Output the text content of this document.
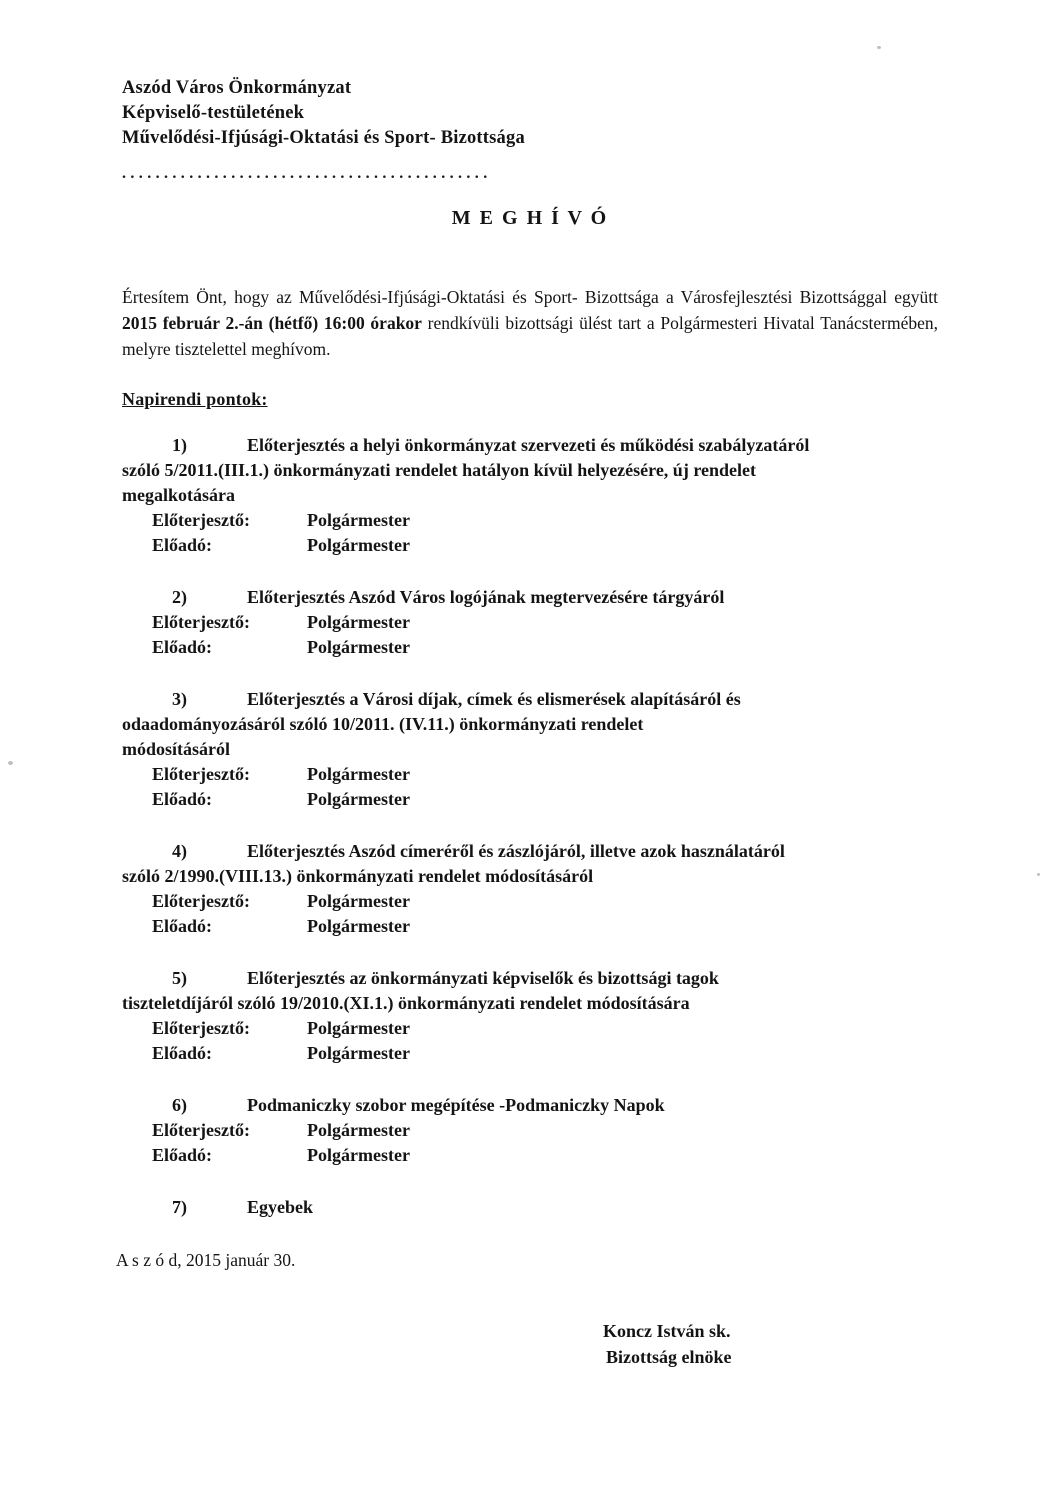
Aszód Város Önkormányzat
Képviselő-testületének
Művelődési-Ifjúsági-Oktatási és Sport- Bizottsága
............................................
M E G H Í V Ó

Értesítem Önt, hogy az Művelődési-Ifjúsági-Oktatási és Sport- Bizottsága a Városfejlesztési Bizottsággal együtt 2015 február 2.-án (hétfő) 16:00 órakor rendkívüli bizottsági ülést tart a Polgármesteri Hivatal Tanácstermében, melyre tisztelettel meghívom.

Napirendi pontok:
1)	Előterjesztés a helyi önkormányzat szervezeti és működési szabályzatáról
szóló 5/2011.(III.1.) önkormányzati rendelet hatályon kívül helyezésére, új rendelet
megalkotására
Előterjesztő:	Polgármester
Előadó:	Polgármester
2)	Előterjesztés Aszód Város logójának megtervezésére tárgyáról
Előterjesztő:	Polgármester
Előadó:	Polgármester
3)	Előterjesztés a Városi díjak, címek és elismerések alapításáról és
odaadományozásáról szóló 10/2011. (IV.11.) önkormányzati rendelet
módosításáról
Előterjesztő:	Polgármester
Előadó:	Polgármester
4)	Előterjesztés Aszód címeréről és zászlójáról, illetve azok használatáról
szóló 2/1990.(VIII.13.) önkormányzati rendelet módosításáról
Előterjesztő:	Polgármester
Előadó:	Polgármester
5)	Előterjesztés az önkormányzati képviselők és bizottsági tagok
tiszteletdíjáról szóló 19/2010.(XI.1.) önkormányzati rendelet módosítására
Előterjesztő:	Polgármester
Előadó:	Polgármester
6)	Podmaniczky szobor megépítése -Podmaniczky Napok
Előterjesztő:	Polgármester
Előadó:	Polgármester
7)	Egyebek
A s z ó d, 2015 január 30.
Koncz István sk.
Bizottság elnöke
